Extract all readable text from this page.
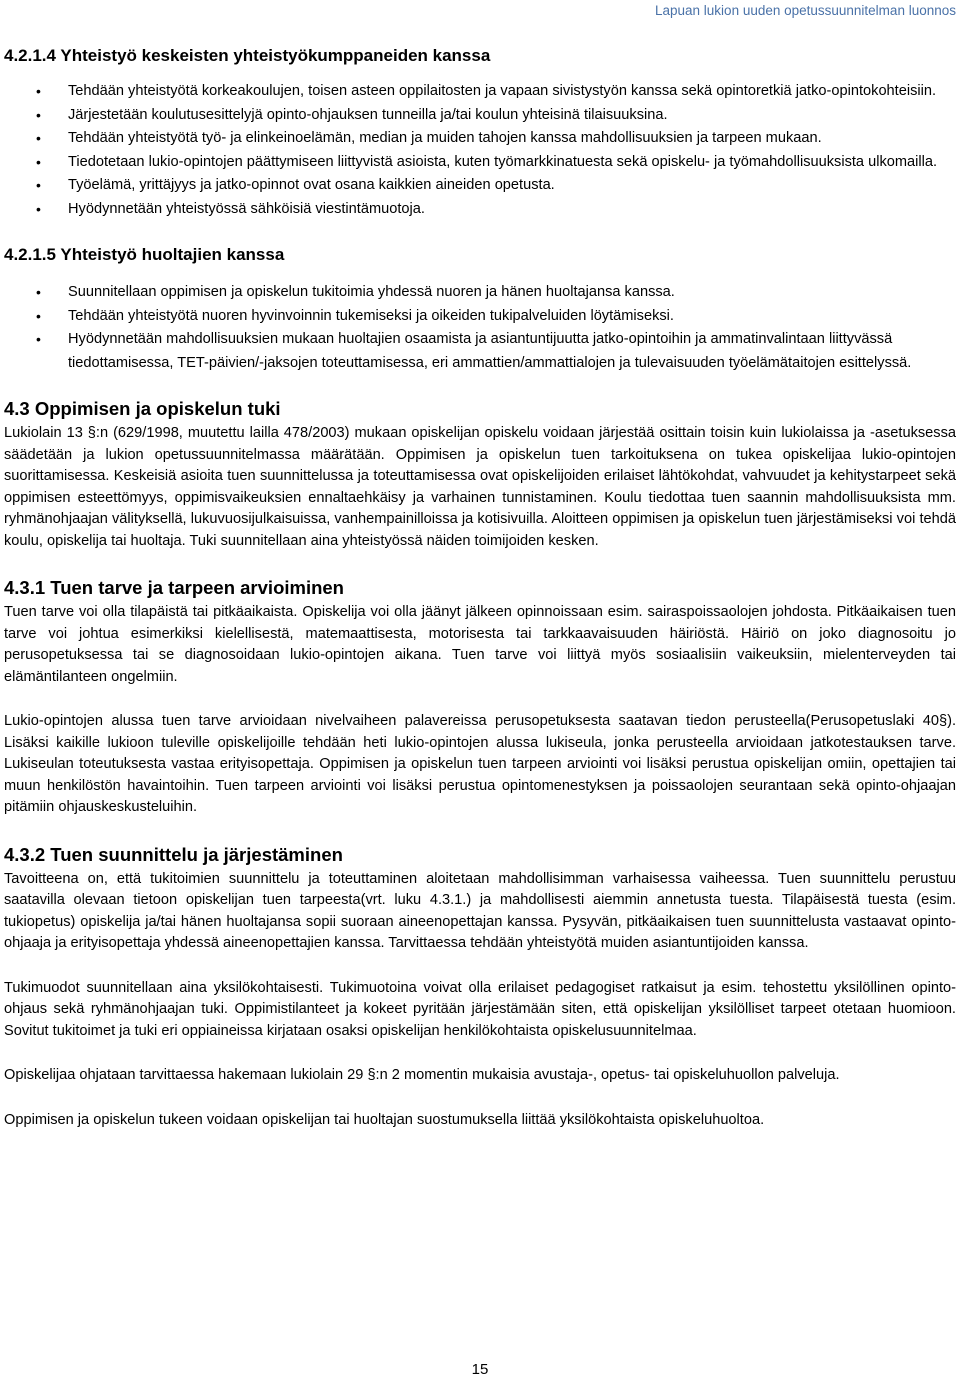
Lapuan lukion uuden opetussuunnitelman luonnos
4.2.1.4 Yhteistyö keskeisten yhteistyökumppaneiden kanssa
• Tehdään yhteistyötä korkeakoulujen, toisen asteen oppilaitosten ja vapaan sivistystyön kanssa sekä opintoretkiä jatko-opintokohteisiin.
• Järjestetään koulutusesittelyjä opinto-ohjauksen tunneilla ja/tai koulun yhteisinä tilaisuuksina.
• Tehdään yhteistyötä työ- ja elinkeinoelämän, median ja muiden tahojen kanssa mahdollisuuksien ja tarpeen mukaan.
• Tiedotetaan lukio-opintojen päättymiseen liittyvistä asioista, kuten työmarkkinatuesta sekä opiskelu- ja työmahdollisuuksista ulkomailla.
• Työelämä, yrittäjyys ja jatko-opinnot ovat osana kaikkien aineiden opetusta.
• Hyödynnetään yhteistyössä sähköisiä viestintämuotoja.
4.2.1.5 Yhteistyö huoltajien kanssa
• Suunnitellaan oppimisen ja opiskelun tukitoimia yhdessä nuoren ja hänen huoltajansa kanssa.
• Tehdään yhteistyötä nuoren hyvinvoinnin tukemiseksi ja oikeiden tukipalveluiden löytämiseksi.
• Hyödynnetään mahdollisuuksien mukaan huoltajien osaamista ja asiantuntijuutta jatko-opintoihin ja ammatinvalintaan liittyvässä tiedottamisessa, TET-päivien/-jaksojen toteuttamisessa, eri ammattien/ammattialojen ja tulevaisuuden työelämätaitojen esittelyssä.
4.3 Oppimisen ja opiskelun tuki

Lukiolain 13 §:n (629/1998, muutettu lailla 478/2003) mukaan opiskelijan opiskelu voidaan järjestää osittain toisin kuin lukiolaissa ja -asetuksessa säädetään ja lukion opetussuunnitelmassa määrätään. Oppimisen ja opiskelun tuen tarkoituksena on tukea opiskelijaa lukio-opintojen suorittamisessa. Keskeisiä asioita tuen suunnittelussa ja toteuttamisessa ovat opiskelijoiden erilaiset lähtökohdat, vahvuudet ja kehitystarpeet sekä oppimisen esteettömyys, oppimisvaikeuksien ennaltaehkäisy ja varhainen tunnistaminen. Koulu tiedottaa tuen saannin mahdollisuuksista mm. ryhmänohjaajan välityksellä, lukuvuosijulkaisuissa, vanhempainilloissa ja kotisivuilla. Aloitteen oppimisen ja opiskelun tuen järjestämiseksi voi tehdä koulu, opiskelija tai huoltaja. Tuki suunnitellaan aina yhteistyössä näiden toimijoiden kesken.

4.3.1 Tuen tarve ja tarpeen arvioiminen

Tuen tarve voi olla tilapäistä tai pitkäaikaista. Opiskelija voi olla jäänyt jälkeen opinnoissaan esim. sairaspoissaolojen johdosta. Pitkäaikaisen tuen tarve voi johtua esimerkiksi kielellisestä, matemaattisesta, motorisesta tai tarkkaavaisuuden häiriöstä. Häiriö on joko diagnosoitu jo perusopetuksessa tai se diagnosoidaan lukio-opintojen aikana. Tuen tarve voi liittyä myös sosiaalisiin vaikeuksiin, mielenterveyden tai elämäntilanteen ongelmiin.

Lukio-opintojen alussa tuen tarve arvioidaan nivelvaiheen palavereissa perusopetuksesta saatavan tiedon perusteella(Perusopetuslaki 40§). Lisäksi kaikille lukioon tuleville opiskelijoille tehdään heti lukio-opintojen alussa lukiseula, jonka perusteella arvioidaan jatkotestauksen tarve. Lukiseulan toteutuksesta vastaa erityisopettaja. Oppimisen ja opiskelun tuen tarpeen arviointi voi lisäksi perustua opiskelijan omiin, opettajien tai muun henkilöstön havaintoihin. Tuen tarpeen arviointi voi lisäksi perustua opintomenestyksen ja poissaolojen seurantaan sekä opinto-ohjaajan pitämiin ohjauskeskusteluihin.

4.3.2 Tuen suunnittelu ja järjestäminen

Tavoitteena on, että tukitoimien suunnittelu ja toteuttaminen aloitetaan mahdollisimman varhaisessa vaiheessa. Tuen suunnittelu perustuu saatavilla olevaan tietoon opiskelijan tuen tarpeesta(vrt. luku 4.3.1.) ja mahdollisesti aiemmin annetusta tuesta. Tilapäisestä tuesta (esim. tukiopetus) opiskelija ja/tai hänen huoltajansa sopii suoraan aineenopettajan kanssa. Pysyvän, pitkäaikaisen tuen suunnittelusta vastaavat opinto-ohjaaja ja erityisopettaja yhdessä aineenopettajien kanssa. Tarvittaessa tehdään yhteistyötä muiden asiantuntijoiden kanssa.

Tukimuodot suunnitellaan aina yksilökohtaisesti. Tukimuotoina voivat olla erilaiset pedagogiset ratkaisut ja esim. tehostettu yksilöllinen opinto-ohjaus sekä ryhmänohjaajan tuki. Oppimistilanteet ja kokeet pyritään järjestämään siten, että opiskelijan yksilölliset tarpeet otetaan huomioon. Sovitut tukitoimet ja tuki eri oppiaineissa kirjataan osaksi opiskelijan henkilökohtaista opiskelusuunnitelmaa.

Opiskelijaa ohjataan tarvittaessa hakemaan lukiolain 29 §:n 2 momentin mukaisia avustaja-, opetus- tai opiskeluhuollon palveluja.

Oppimisen ja opiskelun tukeen voidaan opiskelijan tai huoltajan suostumuksella liittää yksilökohtaista opiskeluhuoltoa.

15
